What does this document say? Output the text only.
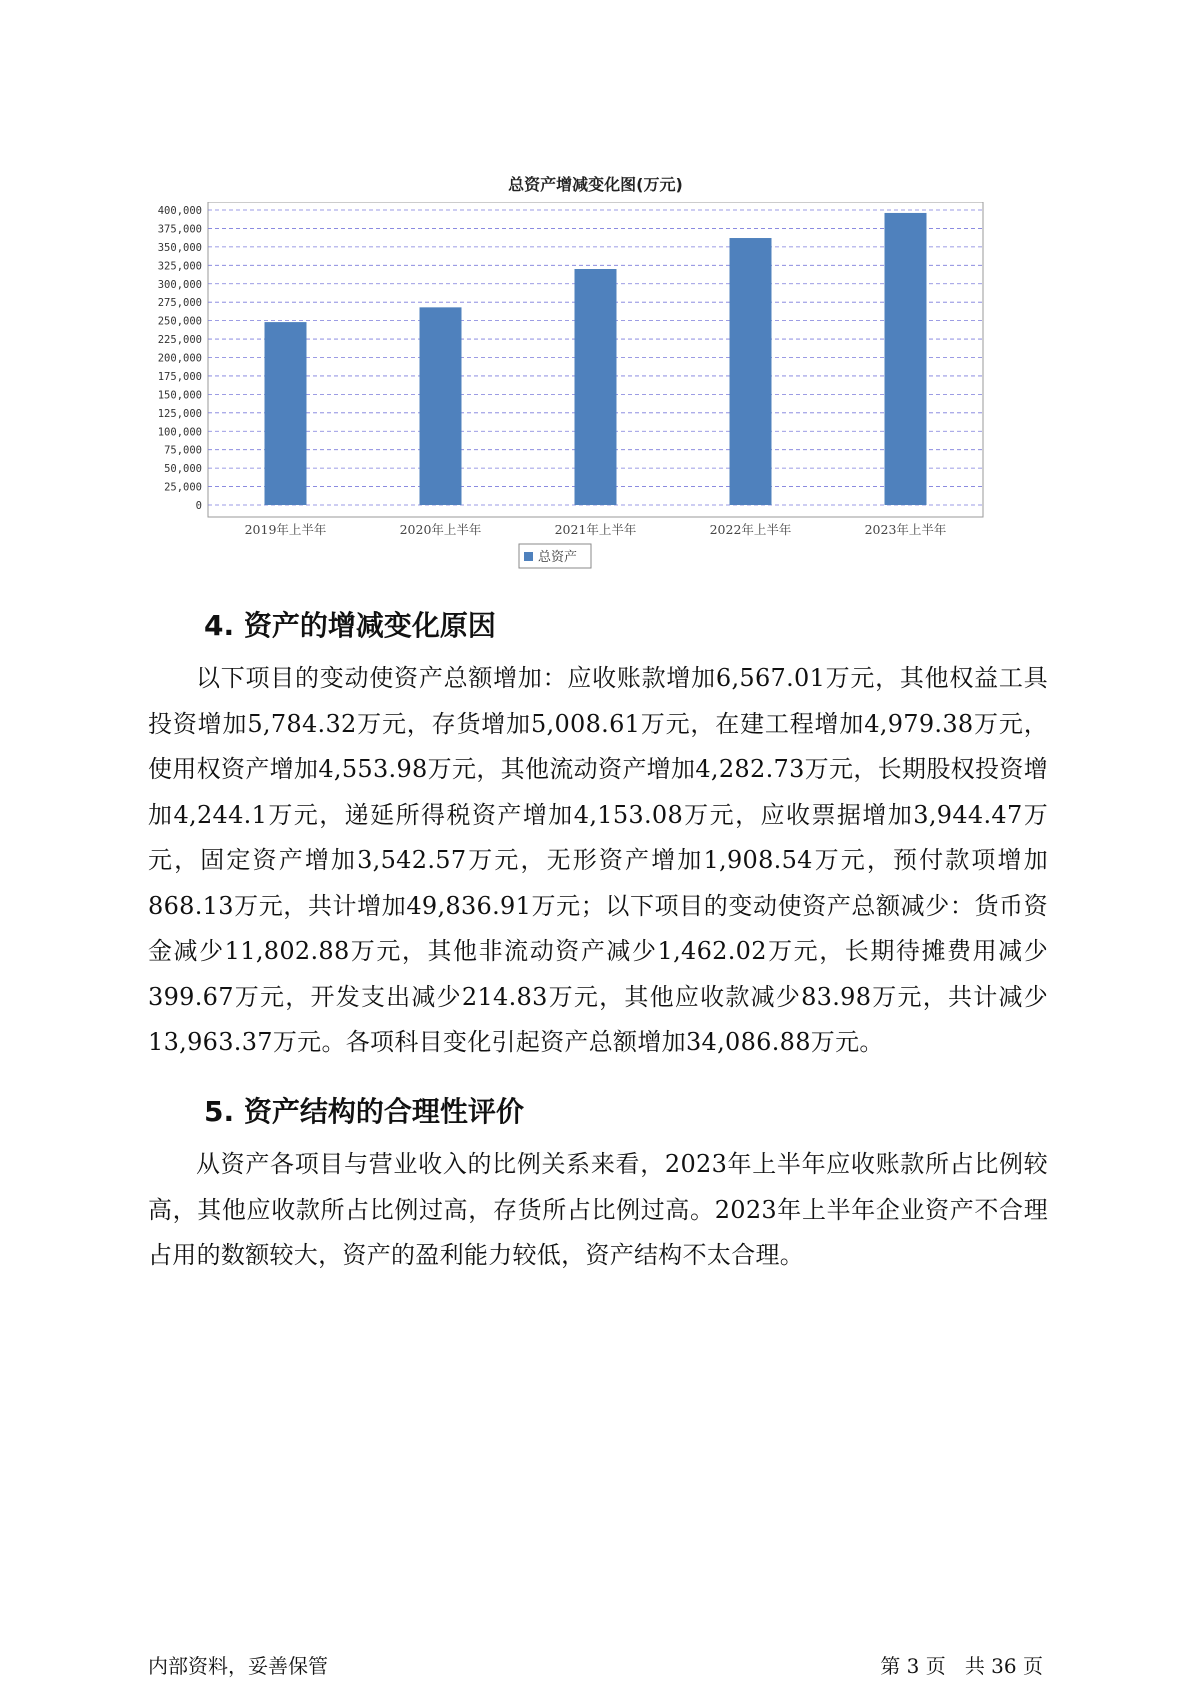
总资产增减变化图(万元)
0
25,000
50,000
75,000
100,000
125,000
150,000
175,000
200,000
225,000
250,000
275,000
300,000
325,000
350,000
375,000
400,000
2019年上半年	2020年上半年	2021年上半年	2022年上半年	2023年上半年
总资产
4. 资产的增减变化原因

以下项目的变动使资产总额增加：应收账款增加6,567.01万元，其他权益工具投资增加5,784.32万元，存货增加5,008.61万元，在建工程增加4,979.38万元，使用权资产增加4,553.98万元，其他流动资产增加4,282.73万元，长期股权投资增加4,244.1万元，递延所得税资产增加4,153.08万元，应收票据增加3,944.47万元，固定资产增加3,542.57万元，无形资产增加1,908.54万元，预付款项增加868.13万元，共计增加49,836.91万元；以下项目的变动使资产总额减少：货币资金减少11,802.88万元，其他非流动资产减少1,462.02万元，长期待摊费用减少399.67万元，开发支出减少214.83万元，其他应收款减少83.98万元，共计减少13,963.37万元。各项科目变化引起资产总额增加34,086.88万元。

5. 资产结构的合理性评价

从资产各项目与营业收入的比例关系来看，2023年上半年应收账款所占比例较高，其他应收款所占比例过高，存货所占比例过高。2023年上半年企业资产不合理占用的数额较大，资产的盈利能力较低，资产结构不太合理。

内部资料，妥善保管	第 3 页   共 36 页
